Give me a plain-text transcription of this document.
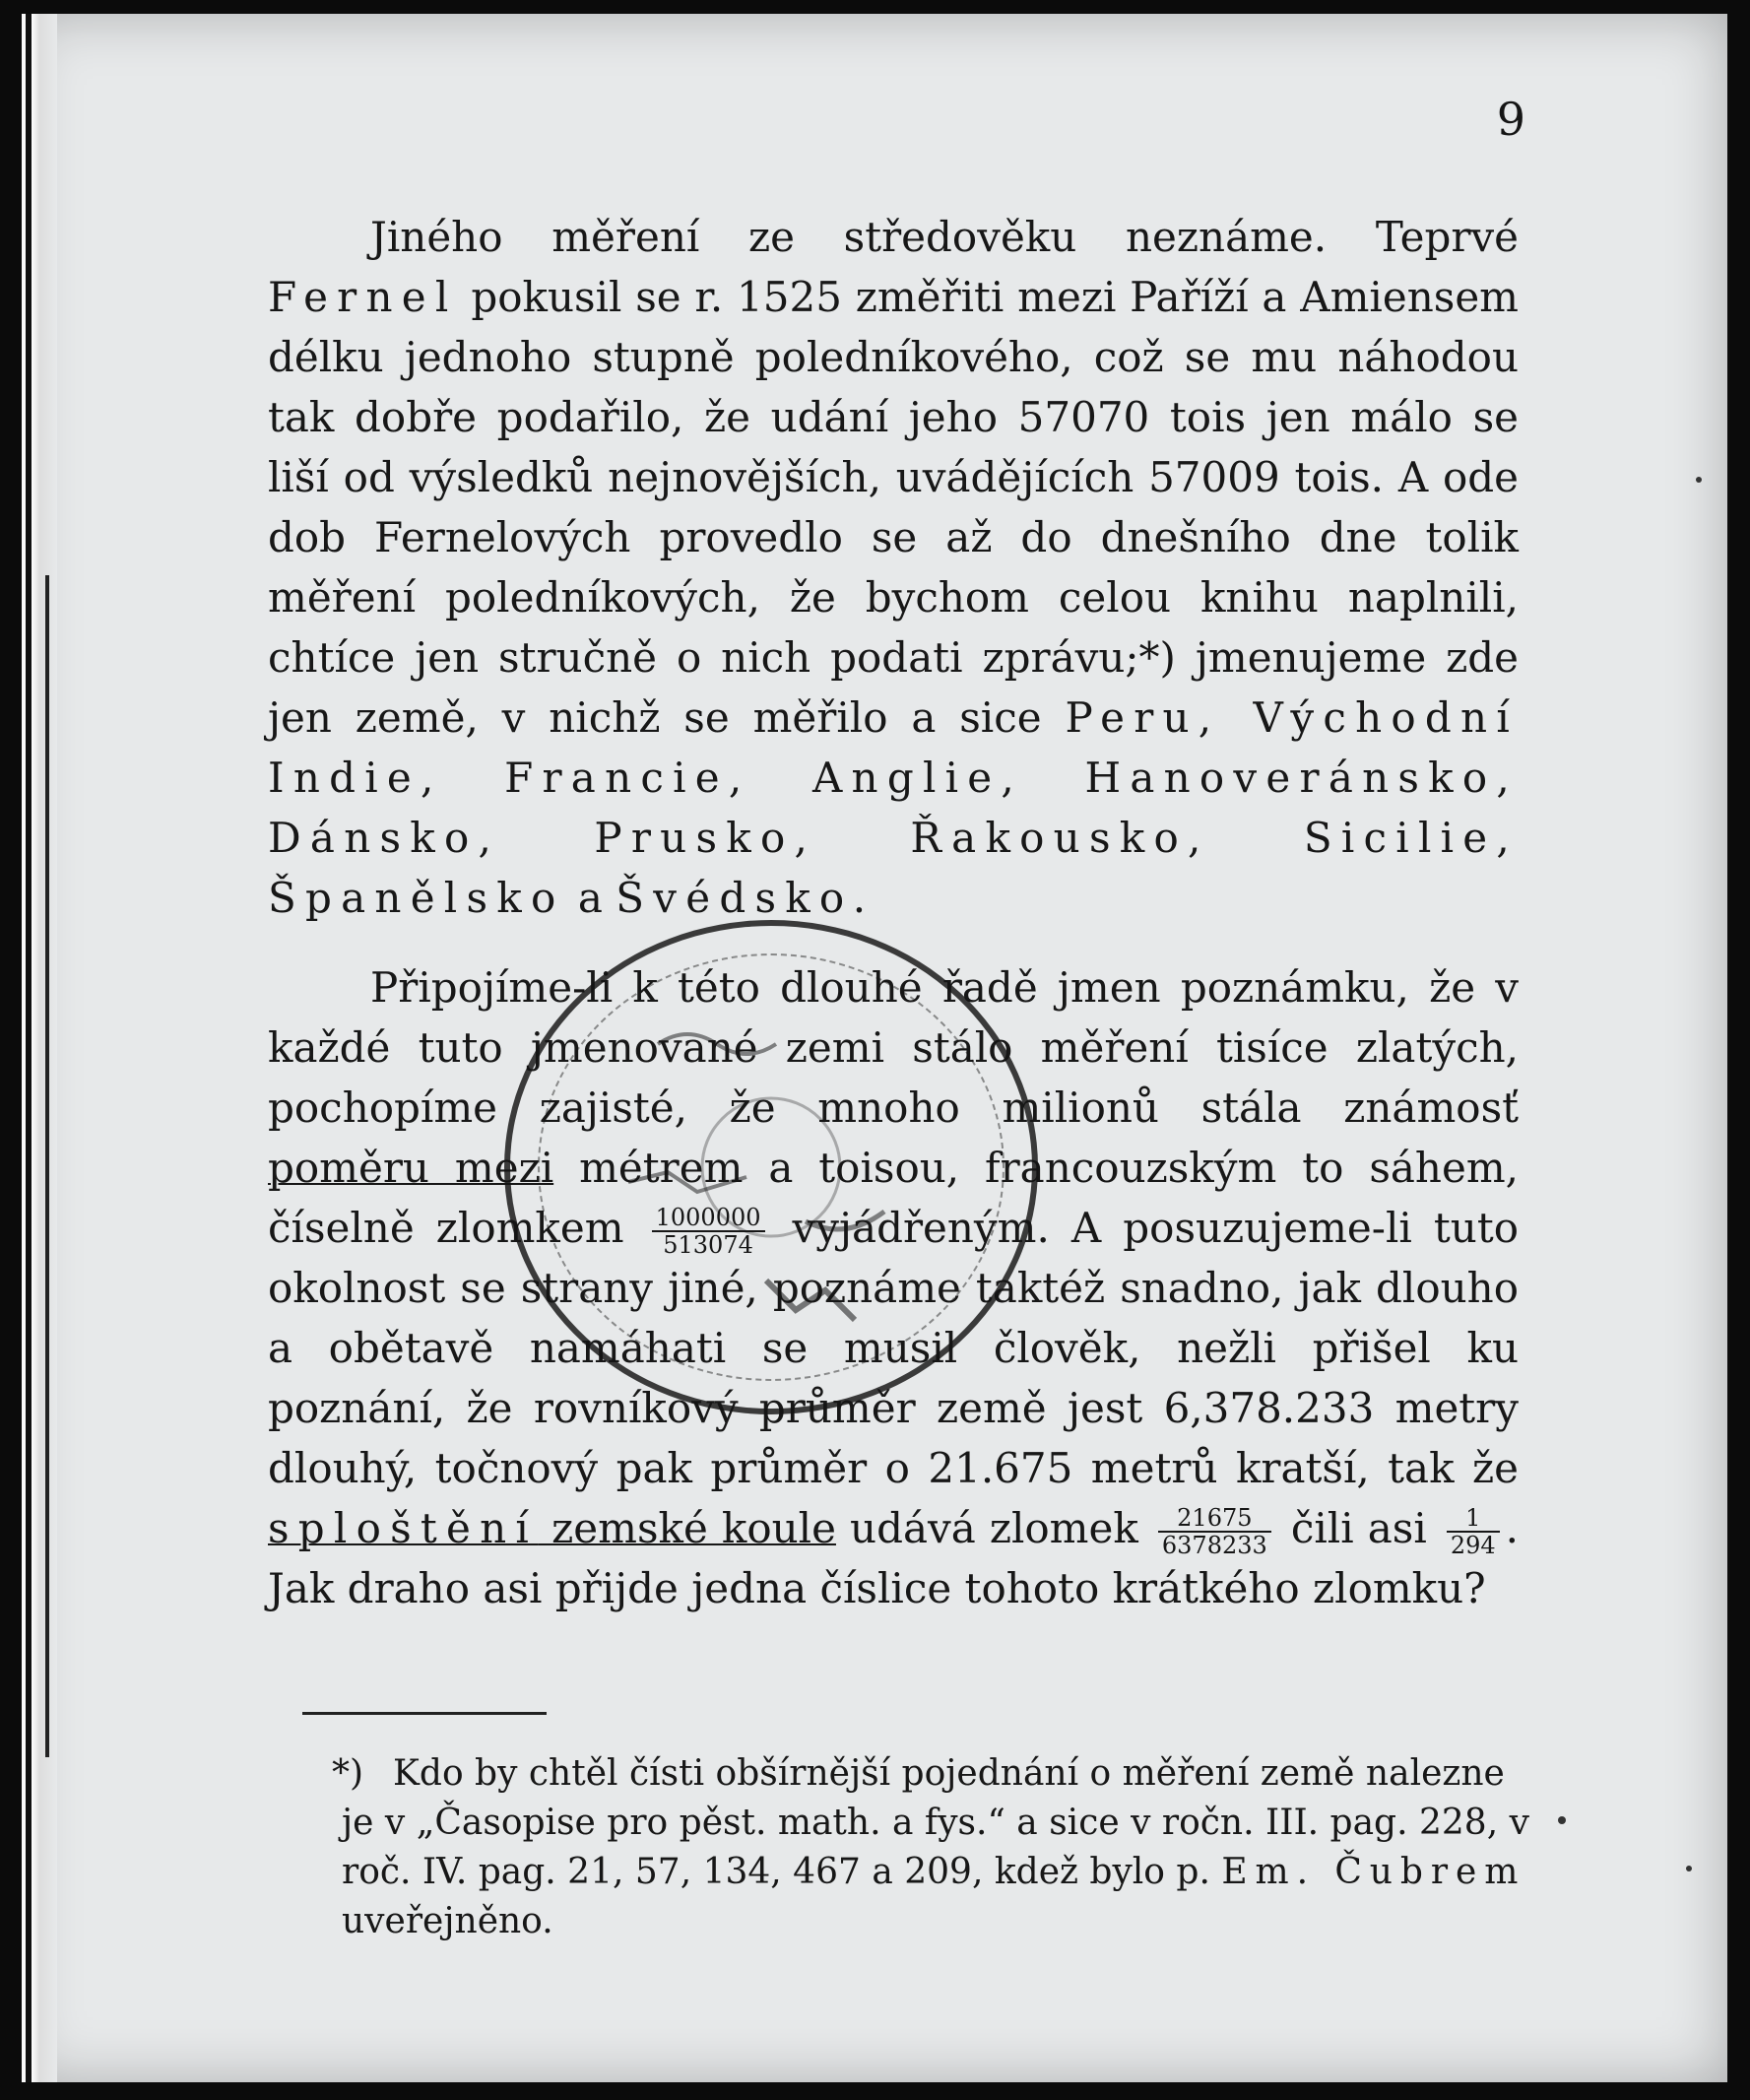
9

Jiného měření ze středověku neznáme. Teprvé Fernel pokusil se r. 1525 změřiti mezi Paříží a Amiensem délku jednoho stupně poledníkového, což se mu náhodou tak dobře podařilo, že udání jeho 57070 tois jen málo se liší od výsledků nejnovějších, uvádějících 57009 tois. A ode dob Fernelových provedlo se až do dnešního dne tolik měření poledníkových, že bychom celou knihu naplnili, chtíce jen stručně o nich podati zprávu;*) jmenujeme zde jen země, v nichž se měřilo a sice Peru, Východní Indie, Francie, Anglie, Hanoveránsko, Dánsko, Prusko, Řakousko, Sicilie, Španělsko a Švédsko.

Připojíme-li k této dlouhé řadě jmen poznámku, že v každé tuto jmenované zemi stálo měření tisíce zlatých, pochopíme zajisté, že mnoho milionů stála známosť poměru mezi métrem a toisou, francouzským to sáhem, číselně zlomkem $\frac{1000000}{513074}$ vyjádřeným. A posuzujeme-li tuto okolnost se strany jiné, poznáme taktéž snadno, jak dlouho a obětavě namáhati se musil člověk, nežli přišel ku poznání, že rovníkový průměr země jest 6,378.233 metry dlouhý, točnový pak průměr o 21.675 metrů kratší, tak že sploštění zemské koule udává zlomek $\frac{21675}{6378233}$ čili asi $\frac{1}{294}$ . Jak draho asi přijde jedna číslice tohoto krátkého zlomku?

*) Kdo by chtěl čísti obšírnější pojednání o měření země nalezne je v „Časopise pro pěst. math. a fys.“ a sice v ročn. III. pag. 228, v roč. IV. pag. 21, 57, 134, 467 a 209, kdež bylo p. Em. Čubrem uveřejněno.
